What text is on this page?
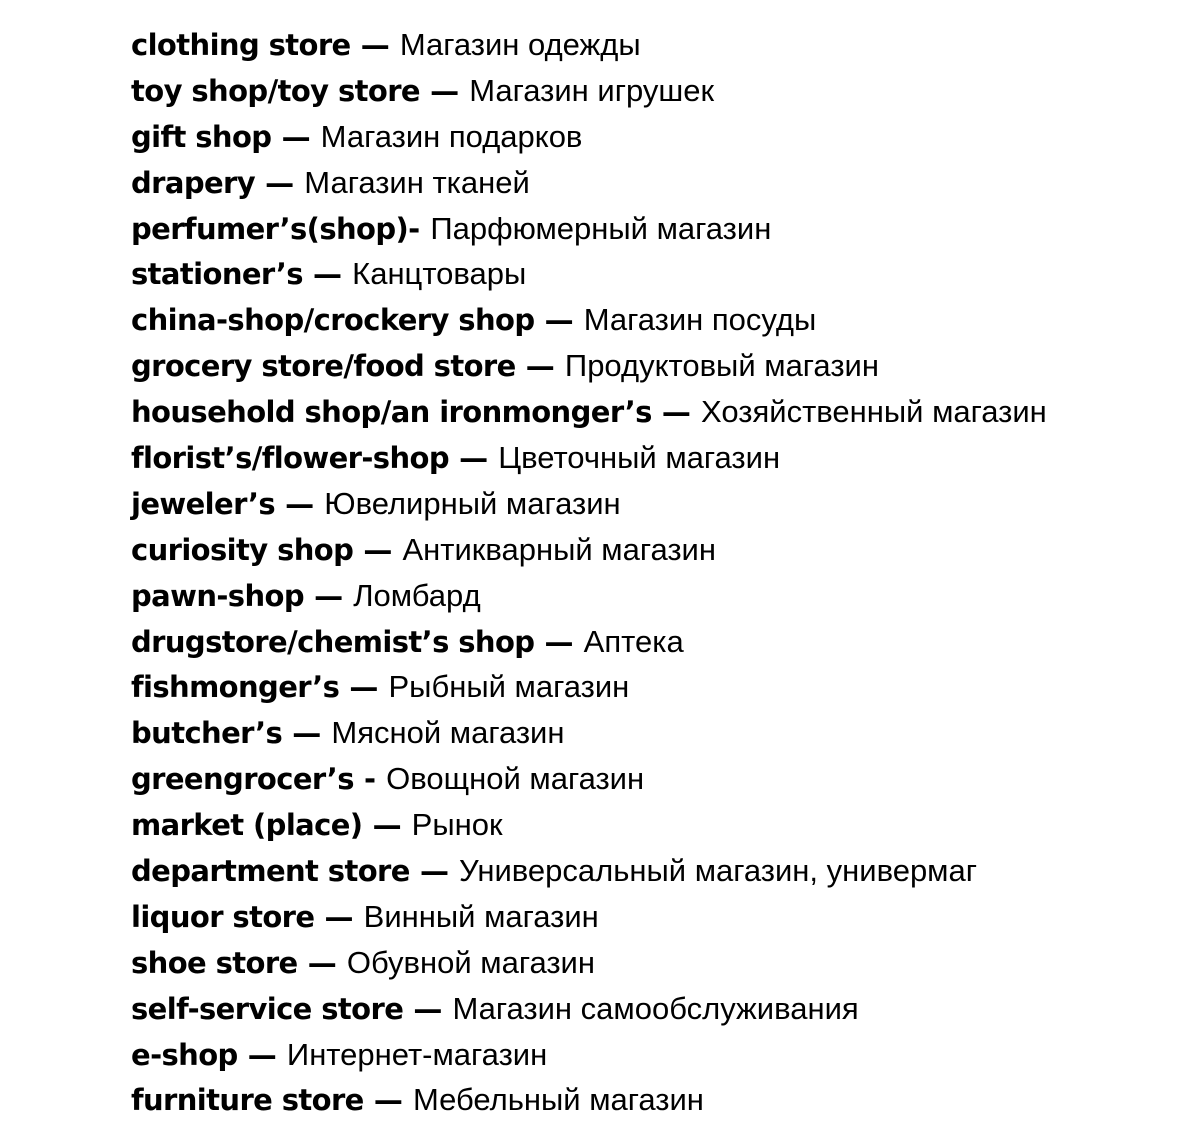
clothing store — Магазин одежды
toy shop/toy store — Магазин игрушек
gift shop — Магазин подарков
drapery — Магазин тканей
perfumer’s(shop)- Парфюмерный магазин
stationer’s — Канцтовары
china-shop/crockery shop — Магазин посуды
grocery store/food store — Продуктовый магазин
household shop/an ironmonger’s — Хозяйственный магазин
florist’s/flower-shop — Цветочный магазин
jeweler’s — Ювелирный магазин
curiosity shop — Антикварный магазин
pawn-shop — Ломбард
drugstore/chemist’s shop — Аптека
fishmonger’s — Рыбный магазин
butcher’s — Мясной магазин
greengrocer’s - Овощной магазин
market (place) — Рынок
department store — Универсальный магазин, универмаг
liquor store — Винный магазин
shoe store — Обувной магазин
self-service store — Магазин самообслуживания
e-shop — Интернет-магазин
furniture store — Мебельный магазин
